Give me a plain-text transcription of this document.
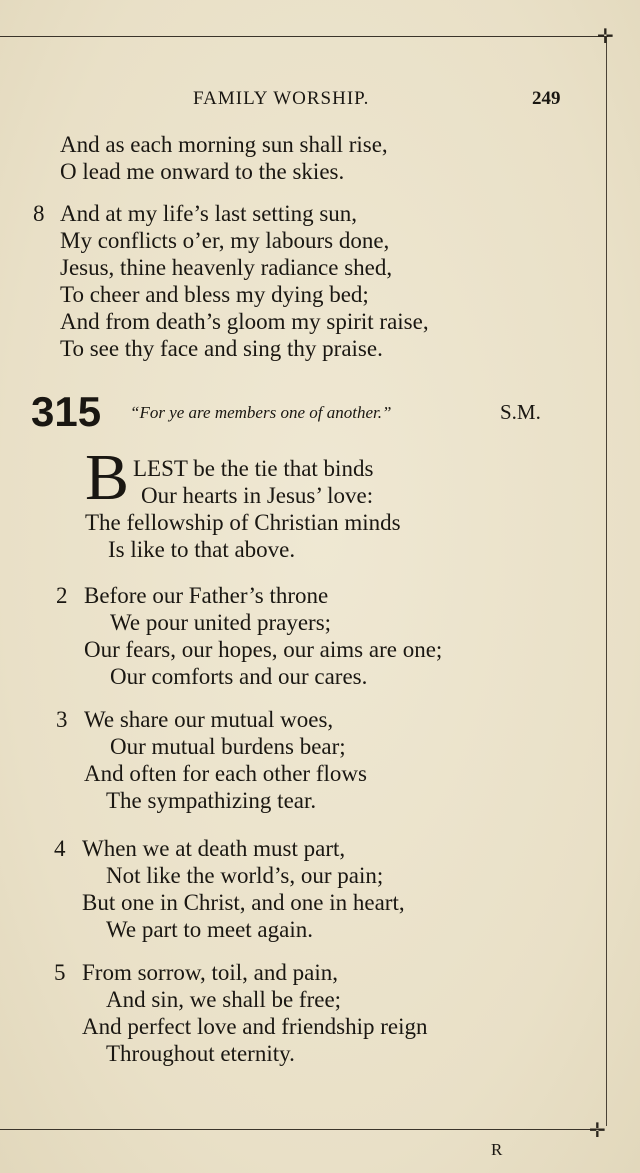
✛
✛
FAMILY WORSHIP.	249
And as each morning sun shall rise,
O lead me onward to the skies.
8 And at my life’s last setting sun,
My conflicts o’er, my labours done,
Jesus, thine heavenly radiance shed,
To cheer and bless my dying bed;
And from death’s gloom my spirit raise,
To see thy face and sing thy praise.
315 “For ye are members one of another.”	S.M.
B LEST be the tie that binds
Our hearts in Jesus’ love:
The fellowship of Christian minds
Is like to that above.
2 Before our Father’s throne
We pour united prayers;
Our fears, our hopes, our aims are one;
Our comforts and our cares.
3 We share our mutual woes,
Our mutual burdens bear;
And often for each other flows
The sympathizing tear.
4 When we at death must part,
Not like the world’s, our pain;
But one in Christ, and one in heart,
We part to meet again.
5 From sorrow, toil, and pain,
And sin, we shall be free;
And perfect love and friendship reign
Throughout eternity.
R
